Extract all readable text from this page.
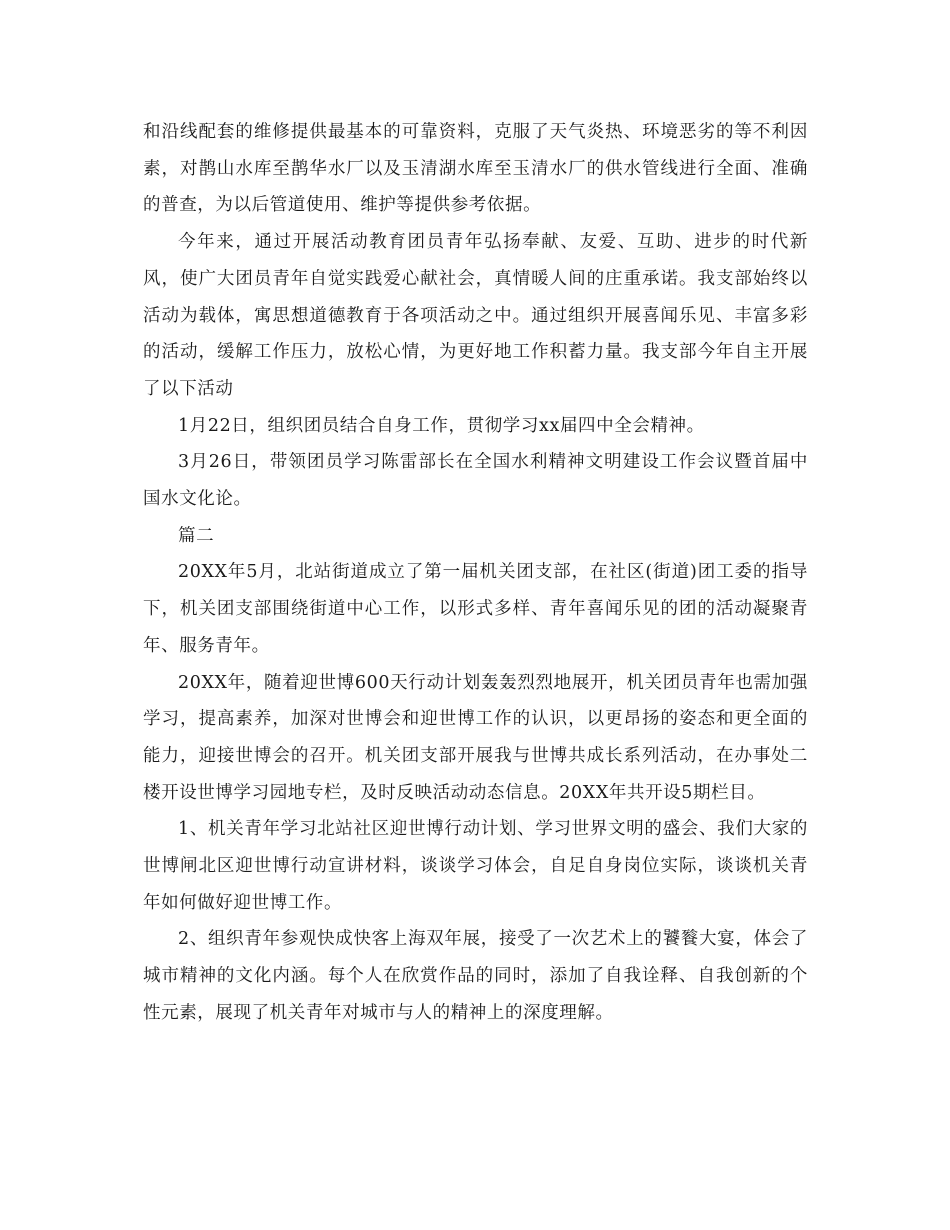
和沿线配套的维修提供最基本的可靠资料，克服了天气炎热、环境恶劣的等不利因素，对鹊山水库至鹊华水厂以及玉清湖水库至玉清水厂的供水管线进行全面、准确的普查，为以后管道使用、维护等提供参考依据。

今年来，通过开展活动教育团员青年弘扬奉献、友爱、互助、进步的时代新风，使广大团员青年自觉实践爱心献社会，真情暖人间的庄重承诺。我支部始终以活动为载体，寓思想道德教育于各项活动之中。通过组织开展喜闻乐见、丰富多彩的活动，缓解工作压力，放松心情，为更好地工作积蓄力量。我支部今年自主开展了以下活动

1月22日，组织团员结合自身工作，贯彻学习xx届四中全会精神。

3月26日，带领团员学习陈雷部长在全国水利精神文明建设工作会议暨首届中国水文化论。

篇二

20XX年5月，北站街道成立了第一届机关团支部，在社区(街道)团工委的指导下，机关团支部围绕街道中心工作，以形式多样、青年喜闻乐见的团的活动凝聚青年、服务青年。

20XX年，随着迎世博600天行动计划轰轰烈烈地展开，机关团员青年也需加强学习，提高素养，加深对世博会和迎世博工作的认识，以更昂扬的姿态和更全面的能力，迎接世博会的召开。机关团支部开展我与世博共成长系列活动，在办事处二楼开设世博学习园地专栏，及时反映活动动态信息。20XX年共开设5期栏目。

1、机关青年学习北站社区迎世博行动计划、学习世界文明的盛会、我们大家的世博闸北区迎世博行动宣讲材料，谈谈学习体会，自足自身岗位实际，谈谈机关青年如何做好迎世博工作。

2、组织青年参观快成快客上海双年展，接受了一次艺术上的饕餮大宴，体会了城市精神的文化内涵。每个人在欣赏作品的同时，添加了自我诠释、自我创新的个性元素，展现了机关青年对城市与人的精神上的深度理解。
